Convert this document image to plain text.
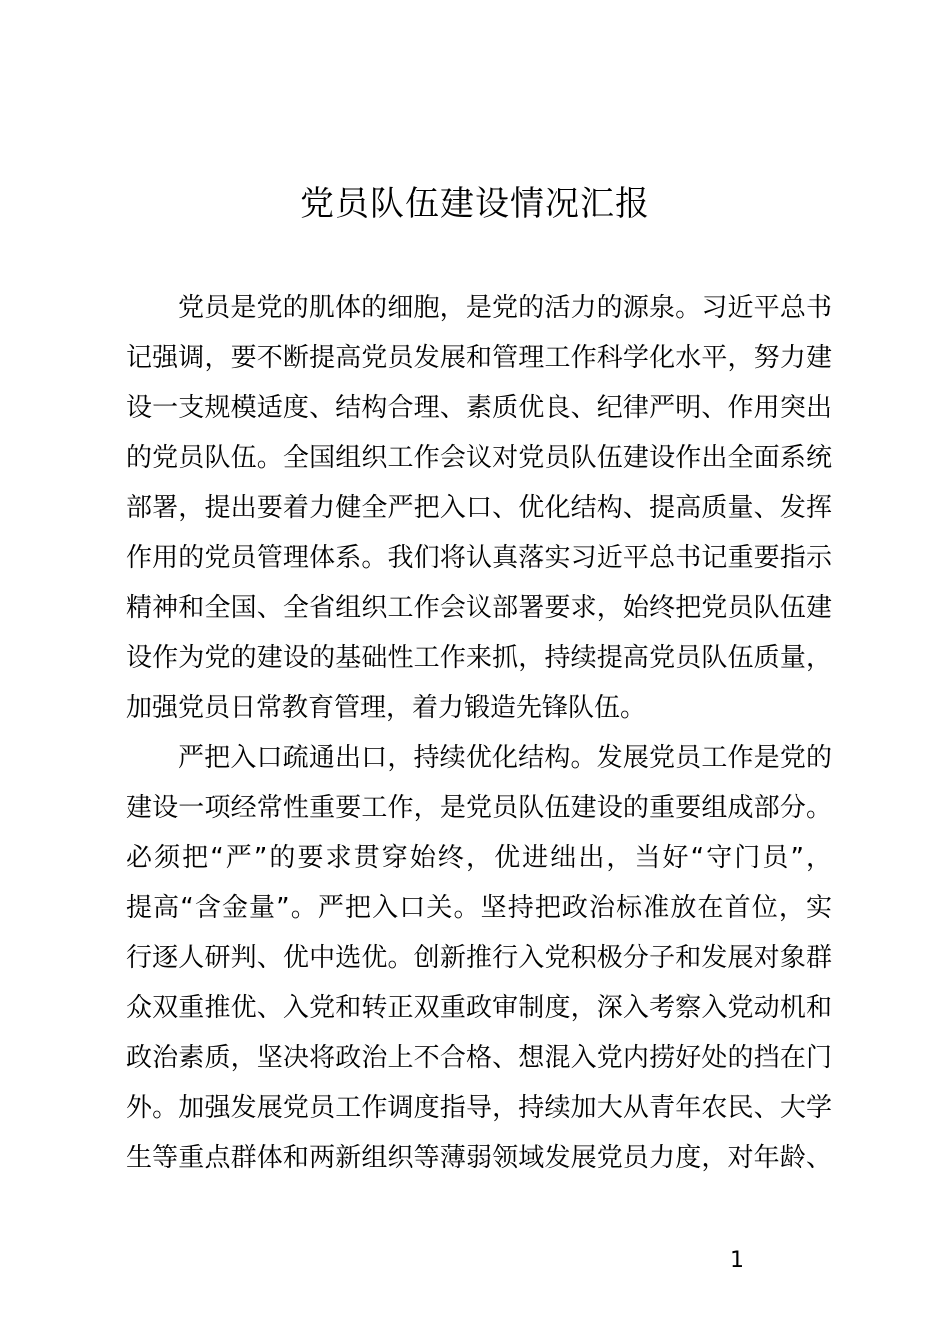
党员队伍建设情况汇报
党员是党的肌体的细胞，是党的活力的源泉。习近平总书
记强调，要不断提高党员发展和管理工作科学化水平，努力建
设一支规模适度、结构合理、素质优良、纪律严明、作用突出
的党员队伍。全国组织工作会议对党员队伍建设作出全面系统
部署，提出要着力健全严把入口、优化结构、提高质量、发挥
作用的党员管理体系。我们将认真落实习近平总书记重要指示
精神和全国、全省组织工作会议部署要求，始终把党员队伍建
设作为党的建设的基础性工作来抓，持续提高党员队伍质量，
加强党员日常教育管理，着力锻造先锋队伍。
严把入口疏通出口，持续优化结构。发展党员工作是党的
建设一项经常性重要工作，是党员队伍建设的重要组成部分。
必须把“严”的要求贯穿始终，优进绌出，当好“守门员”，
提高“含金量”。严把入口关。坚持把政治标准放在首位，实
行逐人研判、优中选优。创新推行入党积极分子和发展对象群
众双重推优、入党和转正双重政审制度，深入考察入党动机和
政治素质，坚决将政治上不合格、想混入党内捞好处的挡在门
外。加强发展党员工作调度指导，持续加大从青年农民、大学
生等重点群体和两新组织等薄弱领域发展党员力度，对年龄、
1
